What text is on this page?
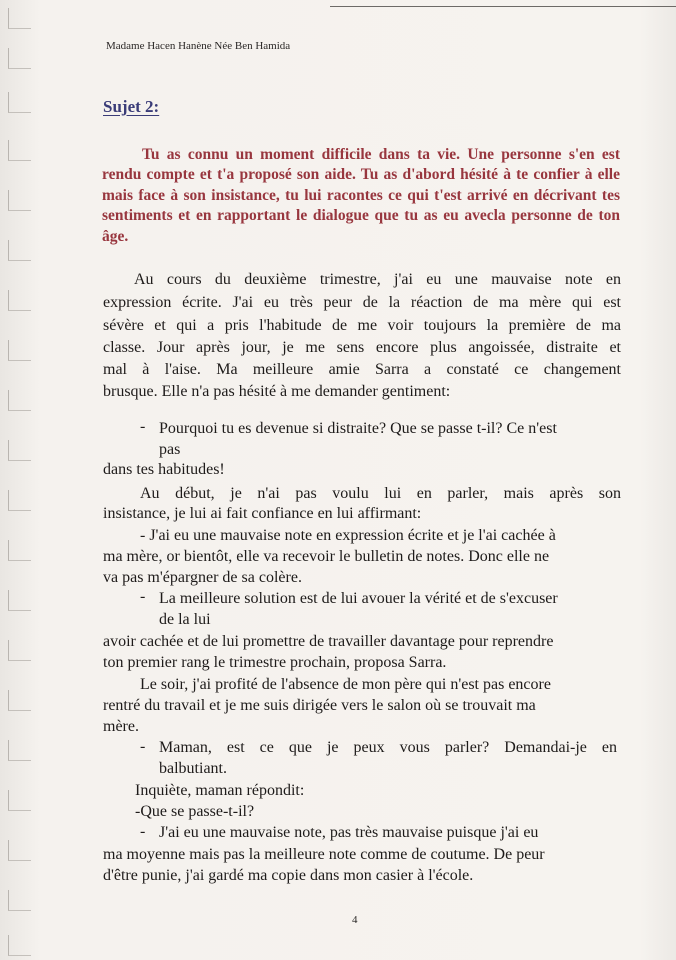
Madame Hacen Hanène Née Ben Hamida
Sujet 2:

Tu as connu un moment difficile dans ta vie. Une personne s'en est rendu compte et t'a proposé son aide. Tu as d'abord hésité à te confier à elle mais face à son insistance, tu lui racontes ce qui t'est arrivé en décrivant tes sentiments et en rapportant le dialogue que tu as eu avecla personne de ton âge.

Au cours du deuxième trimestre, j'ai eu une mauvaise note en
expression écrite. J'ai eu très peur de la réaction de ma mère qui est
sévère et qui a pris l'habitude de me voir toujours la première de ma
classe. Jour après jour, je me sens encore plus angoissée, distraite et
mal à l'aise. Ma meilleure amie Sarra a constaté ce changement
brusque. Elle n'a pas hésité à me demander gentiment:
- Pourquoi tu es devenue si distraite? Que se passe t-il? Ce n'est
pas
dans tes habitudes!
Au début, je n'ai pas voulu lui en parler, mais après son
insistance, je lui ai fait confiance en lui affirmant:
- J'ai eu une mauvaise note en expression écrite et je l'ai cachée à
ma mère, or bientôt, elle va recevoir le bulletin de notes. Donc elle ne
va pas m'épargner de sa colère.
- La meilleure solution est de lui avouer la vérité et de s'excuser
de la lui
avoir cachée et de lui promettre de travailler davantage pour reprendre
ton premier rang le trimestre prochain, proposa Sarra.
Le soir, j'ai profité de l'absence de mon père qui n'est pas encore
rentré du travail et je me suis dirigée vers le salon où se trouvait ma
mère.
- Maman, est ce que je peux vous parler? Demandai-je en
balbutiant.
Inquiète, maman répondit:
-Que se passe-t-il?
- J'ai eu une mauvaise note, pas très mauvaise puisque j'ai eu
ma moyenne mais pas la meilleure note comme de coutume. De peur
d'être punie, j'ai gardé ma copie dans mon casier à l'école.
4
